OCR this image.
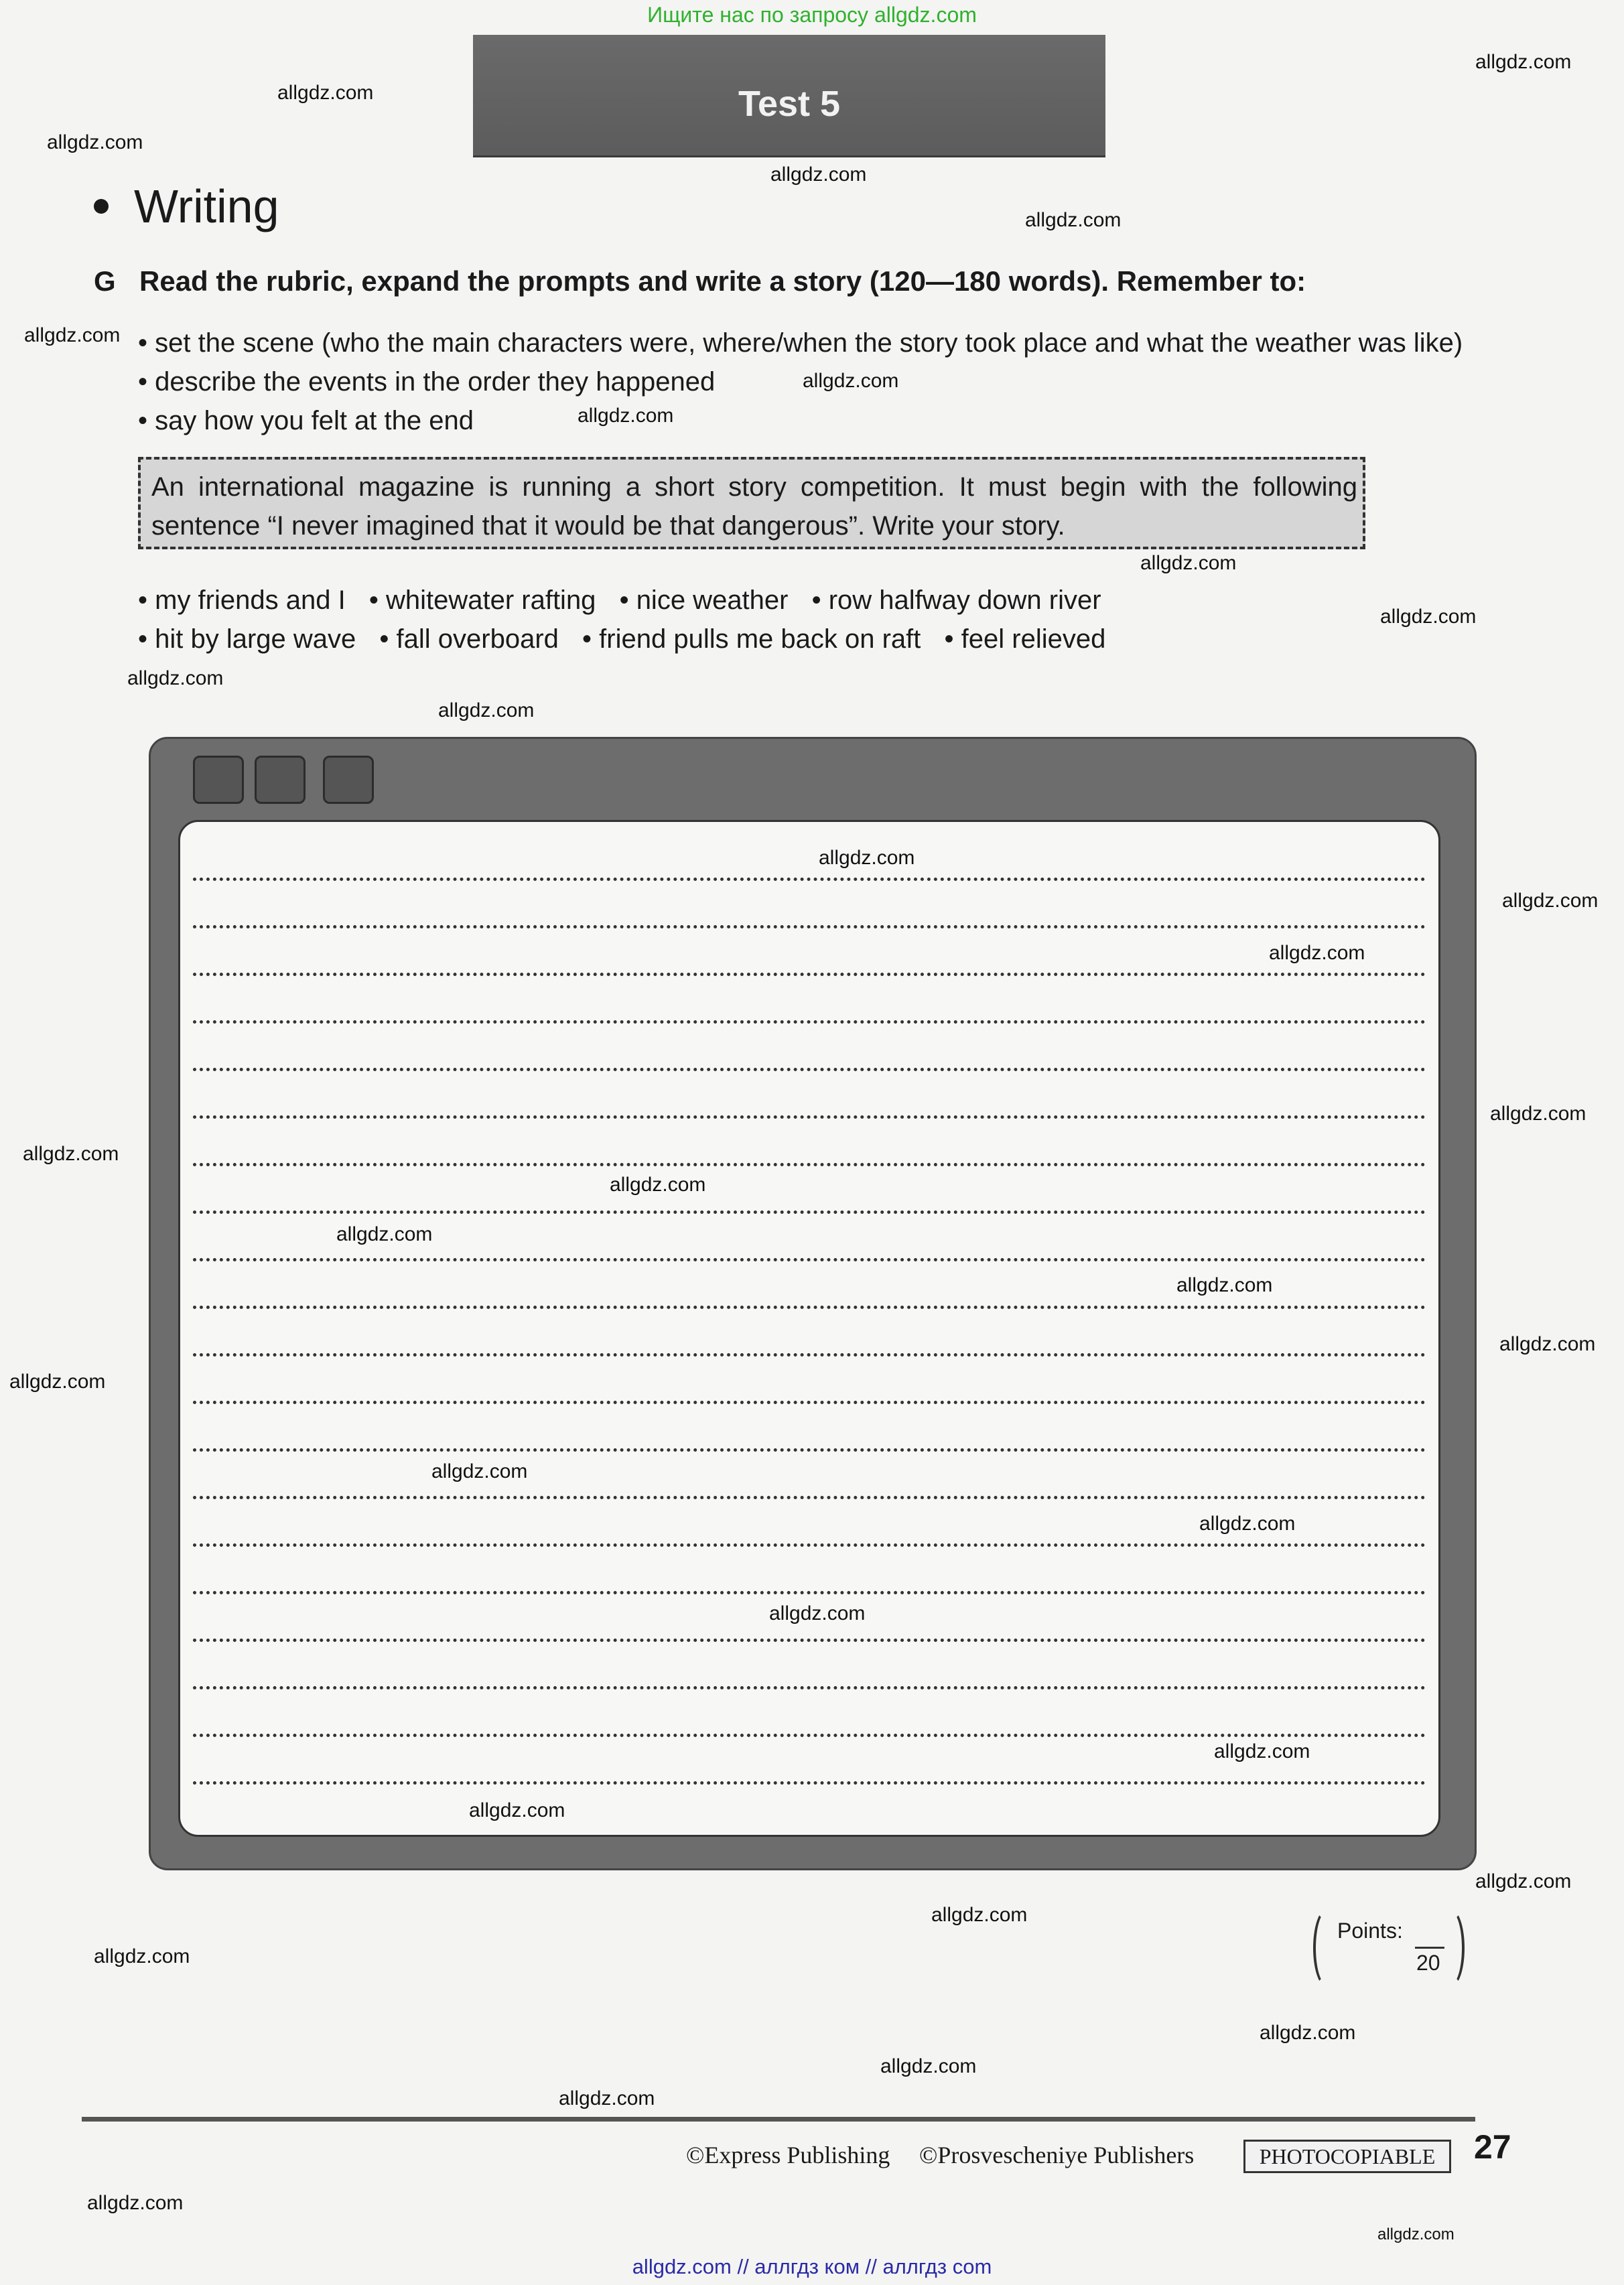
Ищите нас по запросу allgdz.com
Test 5
Writing
G Read the rubric, expand the prompts and write a story (120—180 words). Remember to:
• set the scene (who the main characters were, where/when the story took place and what the weather was like)
• describe the events in the order they happened
• say how you felt at the end
An international magazine is running a short story competition. It must begin with the following sentence “I never imagined that it would be that dangerous”. Write your story.
• my friends and I • whitewater rafting • nice weather • row halfway down river
• hit by large wave • fall overboard • friend pulls me back on raft • feel relieved
Points:
20
©Express Publishing ©Prosvescheniye Publishers	PHOTOCOPIABLE	27
allgdz.com
allgdz.com
allgdz.com
allgdz.com
allgdz.com
allgdz.com
allgdz.com
allgdz.com
allgdz.com
allgdz.com
allgdz.com
allgdz.com
allgdz.com
allgdz.com
allgdz.com
allgdz.com
allgdz.com
allgdz.com
allgdz.com
allgdz.com
allgdz.com
allgdz.com
allgdz.com
allgdz.com
allgdz.com
allgdz.com
allgdz.com
allgdz.com
allgdz.com
allgdz.com
allgdz.com
allgdz.com
allgdz.com
allgdz.com
allgdz.com
allgdz.com // аллгдз ком // аллгдз com
